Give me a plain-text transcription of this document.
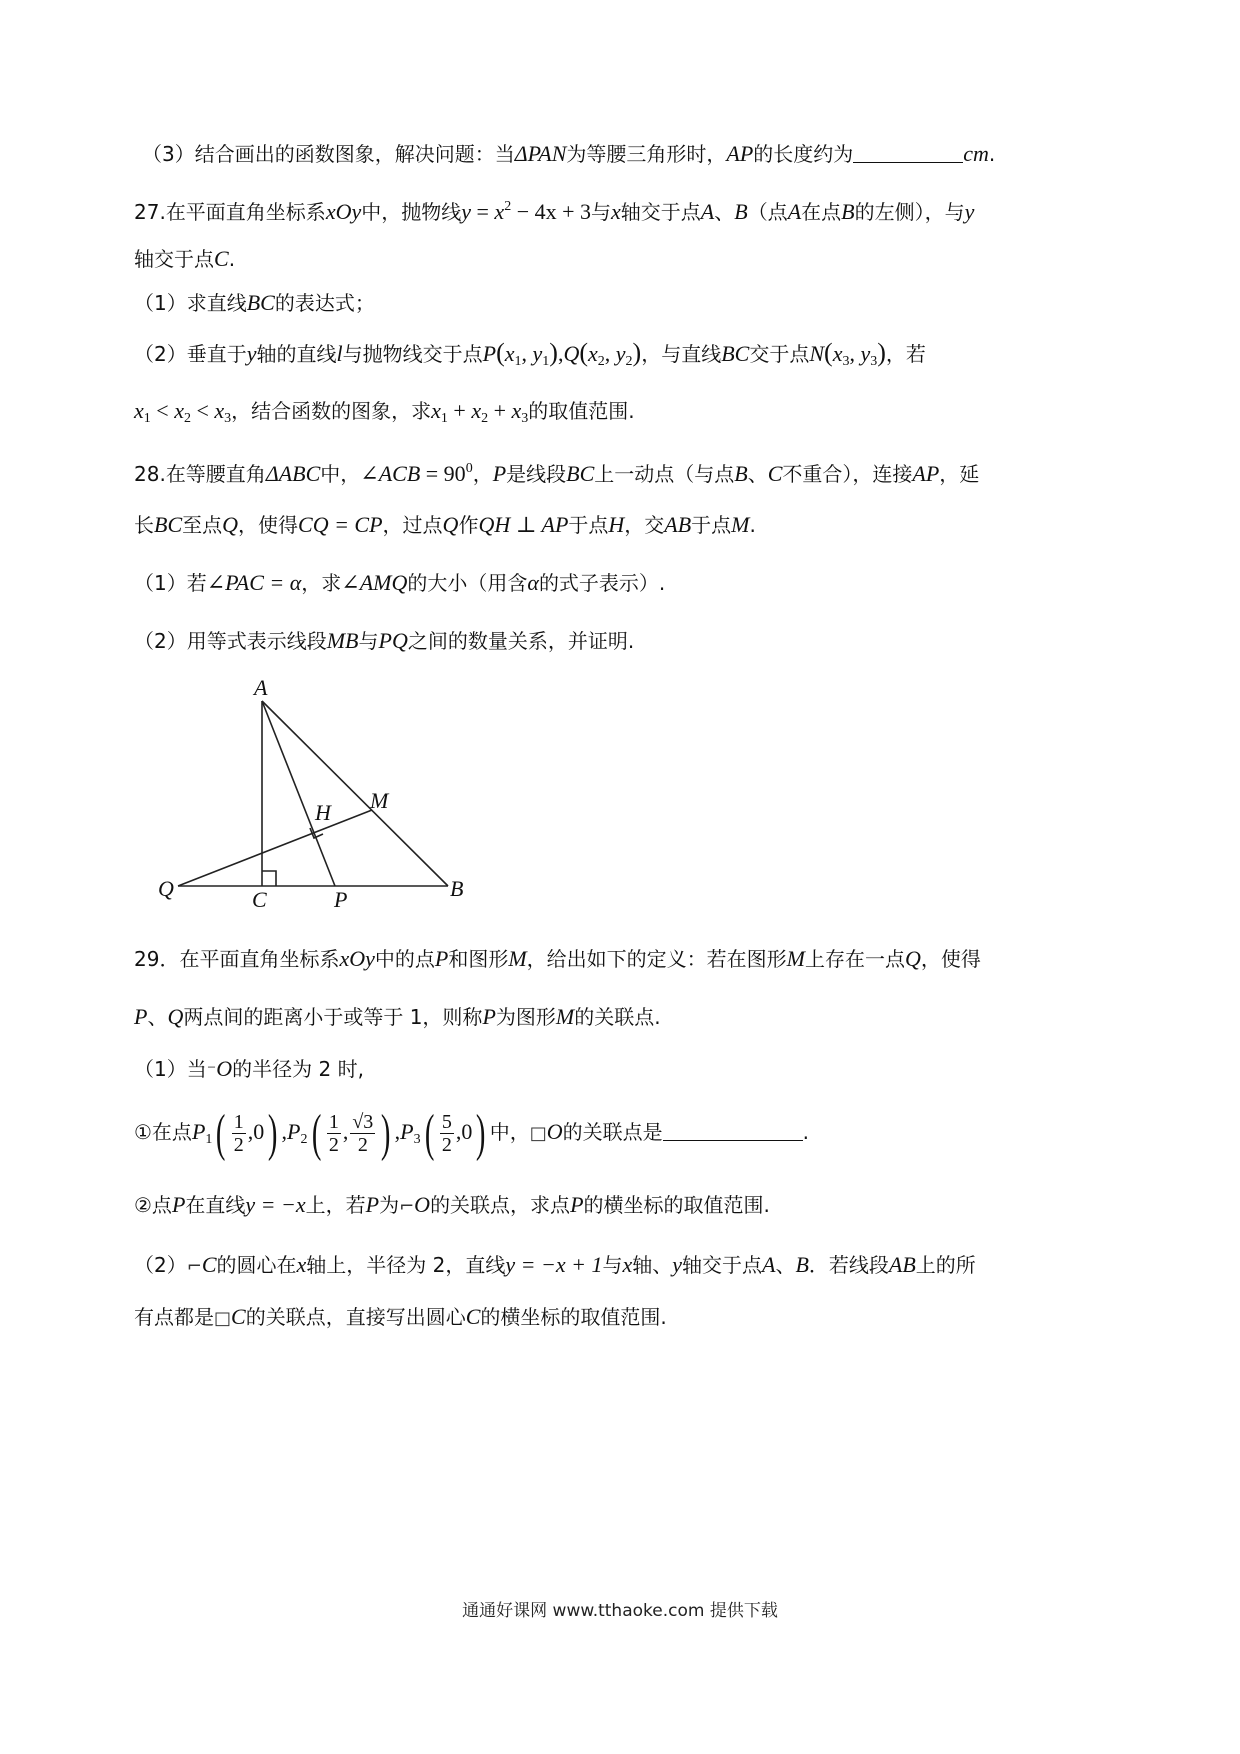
（3）结合画出的函数图象，解决问题：当ΔPAN为等腰三角形时，AP的长度约为	cm.
27.在平面直角坐标系xOy中，抛物线$y = x^2 - 4x + 3$与x轴交于点A、B（点A在点B的左侧），与y
轴交于点C.
（1）求直线BC的表达式；
（2）垂直于y轴的直线l与抛物线交于点$P(x_1$, $y_1),Q(x_2$, $y_2$)，与直线BC交于点$N(x_3$, $y_3$)，若
$x_1 < x_2 < x_3$，结合函数的图象，求$x_1 + x_2 + x_3$的取值范围.
28.在等腰直角ΔABC中，∠ACB = $90^0$，P是线段BC上一动点（与点B、C不重合），连接AP，延
长BC至点Q，使得CQ = CP，过点Q作QH ⊥ AP于点H，交AB于点M.
（1）若∠PAC = α，求∠AMQ的大小（用含α的式子表示）.
（2）用等式表示线段MB与PQ之间的数量关系，并证明.
A
M
H
Q	C	P	B
29．在平面直角坐标系xOy中的点P和图形M，给出如下的定义：若在图形M上存在一点Q，使得
P、Q两点间的距离小于或等于 1，则称P为图形M的关联点.
（1）当⁻O的半径为 2 时,
①在点$P_1( \frac{1}{2} ,0)$ $,P_2( \frac{1}{2}$ , $\frac{√3}{2}$ ) $,P_3( \frac{5}{2} ,0)$ 中，□O的关联点是	.
②点P在直线y = −x上，若P为⌐O的关联点，求点P的横坐标的取值范围.
（2）⌐C的圆心在x轴上，半径为 2，直线y = −x + 1与x轴、y轴交于点A、B．若线段AB上的所
有点都是□C的关联点，直接写出圆心C的横坐标的取值范围.
通通好课网 www.tthaoke.com 提供下载
